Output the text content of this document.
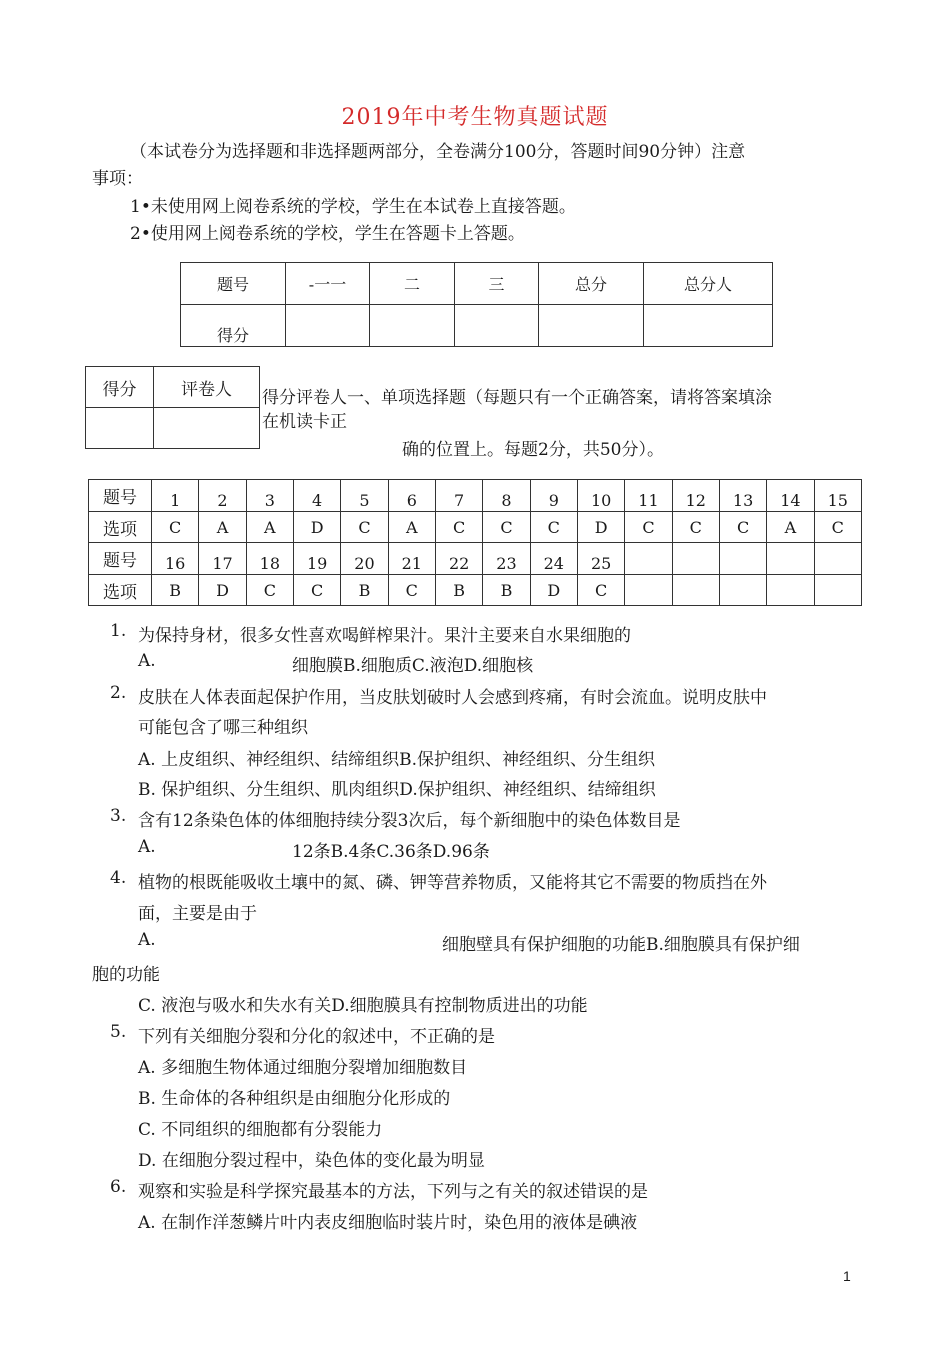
2019年中考生物真题试题
（本试卷分为选择题和非选择题两部分，全卷满分100分，答题时间90分钟）注意
事项：
1•未使用网上阅卷系统的学校，学生在本试卷上直接答题。
2•使用网上阅卷系统的学校，学生在答题卡上答题。
题号	-一一	二	三	总分	总分人
得分					
得分	评卷人
	得分评卷人一、单项选择题（每题只有一个正确答案，请将答案填涂
在机读卡正
确的位置上。每题2分，共50分）。
题号	1	2	3	4	5	6	7	8	9	10	11	12	13	14	15
选项	C	A	A	D	C	A	C	C	C	D	C	C	C	A	C
题号	16	17	18	19	20	21	22	23	24	25					
选项	B	D	C	C	B	C	B	B	D	C					
1. 为保持身材，很多女性喜欢喝鲜榨果汁。果汁主要来自水果细胞的
A.	细胞膜B.细胞质C.液泡D.细胞核
2. 皮肤在人体表面起保护作用，当皮肤划破时人会感到疼痛，有时会流血。说明皮肤中
可能包含了哪三种组织
A. 上皮组织、神经组织、结缔组织B.保护组织、神经组织、分生组织
B. 保护组织、分生组织、肌肉组织D.保护组织、神经组织、结缔组织
3. 含有12条染色体的体细胞持续分裂3次后，每个新细胞中的染色体数目是
A.	12条B.4条C.36条D.96条
4. 植物的根既能吸收土壤中的氮、磷、钾等营养物质，又能将其它不需要的物质挡在外
面，主要是由于
A.	细胞壁具有保护细胞的功能B.细胞膜具有保护细
胞的功能
C. 液泡与吸水和失水有关D.细胞膜具有控制物质进出的功能
5. 下列有关细胞分裂和分化的叙述中，不正确的是
A. 多细胞生物体通过细胞分裂增加细胞数目
B. 生命体的各种组织是由细胞分化形成的
C. 不同组织的细胞都有分裂能力
D. 在细胞分裂过程中，染色体的变化最为明显
6. 观察和实验是科学探究最基本的方法，下列与之有关的叙述错误的是
A. 在制作洋葱鳞片叶内表皮细胞临时装片时，染色用的液体是碘液
1
